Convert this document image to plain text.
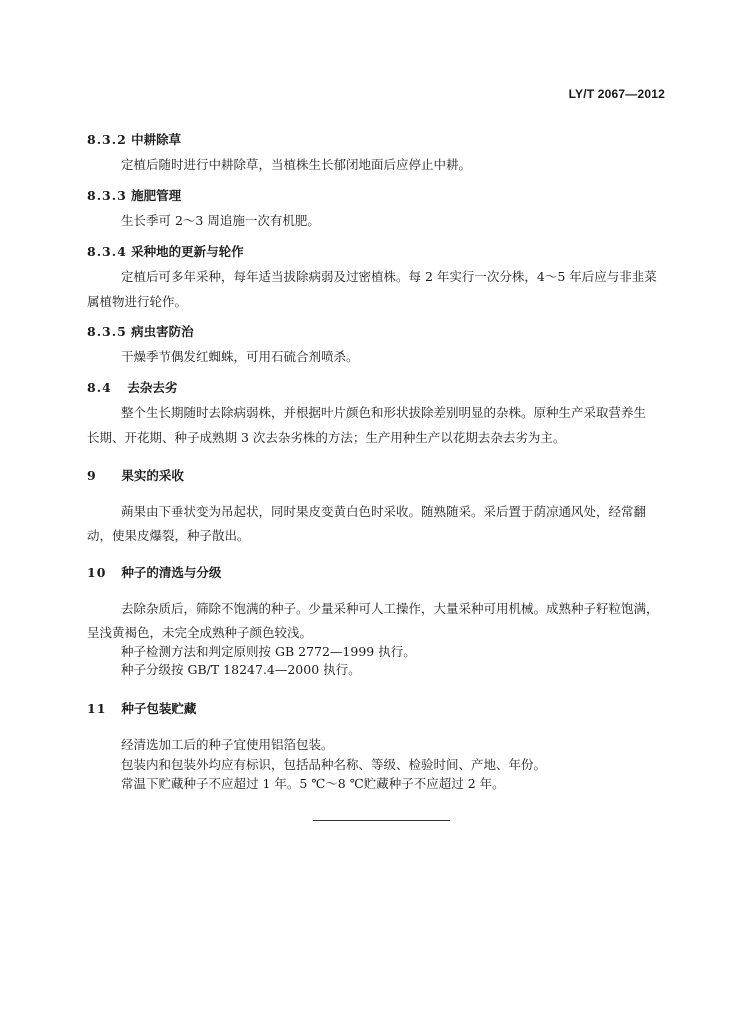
LY/T 2067—2012
8.3.2 中耕除草
定植后随时进行中耕除草，当植株生长郁闭地面后应停止中耕。
8.3.3 施肥管理
生长季可 2～3 周追施一次有机肥。
8.3.4 采种地的更新与轮作
定植后可多年采种，每年适当拔除病弱及过密植株。每 2 年实行一次分株，4～5 年后应与非韭菜
属植物进行轮作。
8.3.5 病虫害防治
干燥季节偶发红蜘蛛，可用石硫合剂喷杀。
8.4 去杂去劣
整个生长期随时去除病弱株，并根据叶片颜色和形状拔除差别明显的杂株。原种生产采取营养生
长期、开花期、种子成熟期 3 次去杂劣株的方法；生产用种生产以花期去杂去劣为主。
9 果实的采收
蒴果由下垂状变为吊起状，同时果皮变黄白色时采收。随熟随采。采后置于荫凉通风处，经常翻
动，使果皮爆裂，种子散出。
10 种子的清选与分级
去除杂质后，筛除不饱满的种子。少量采种可人工操作，大量采种可用机械。成熟种子籽粒饱满，
呈浅黄褐色，未完全成熟种子颜色较浅。
种子检测方法和判定原则按 GB 2772—1999 执行。
种子分级按 GB/T 18247.4—2000 执行。
11 种子包装贮藏
经清选加工后的种子宜使用铝箔包装。
包装内和包装外均应有标识，包括品种名称、等级、检验时间、产地、年份。
常温下贮藏种子不应超过 1 年。5 ℃～8 ℃贮藏种子不应超过 2 年。
